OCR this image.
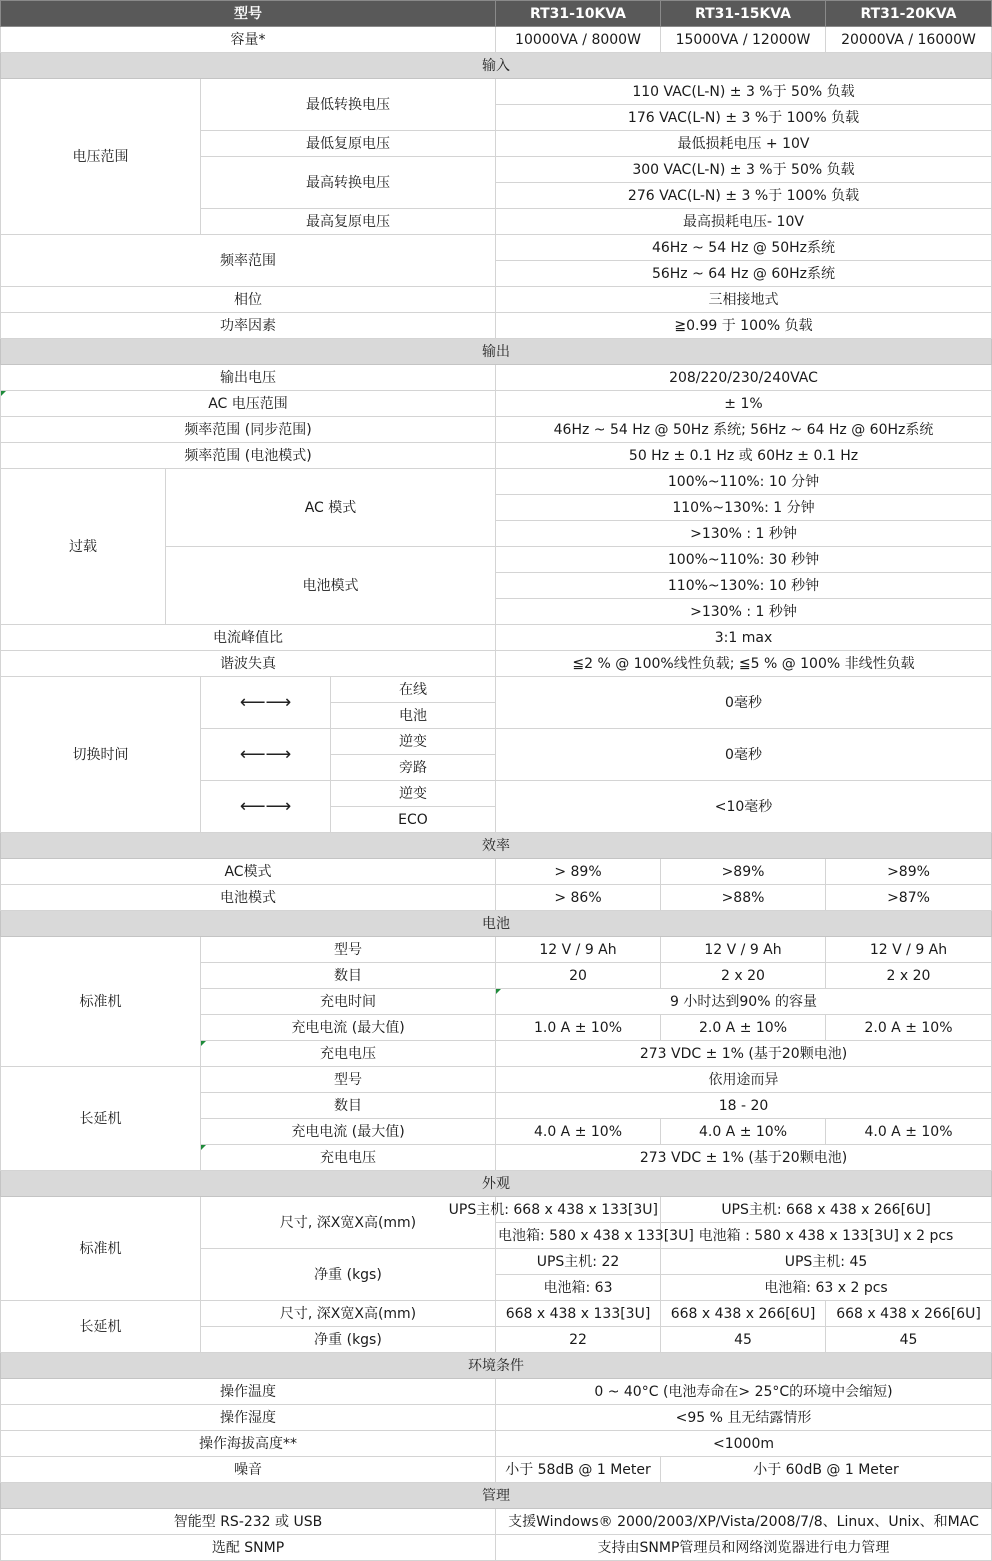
型号				RT31-10KVA	RT31-15KVA	RT31-20KVA
容量*				10000VA / 8000W	15000VA / 12000W	20000VA / 16000W
输入						
电压范围		最低转换电压		110 VAC(L-N) ± 3 %于 50% 负载		
				176 VAC(L-N) ± 3 %于 100% 负载		
		最低复原电压		最低损耗电压 + 10V		
		最高转换电压		300 VAC(L-N) ± 3 %于 50% 负载		
				276 VAC(L-N) ± 3 %于 100% 负载		
		最高复原电压		最高损耗电压- 10V		
频率范围				46Hz ~ 54 Hz @ 50Hz系统		
				56Hz ~ 64 Hz @ 60Hz系统		
相位				三相接地式		
功率因素				≧0.99 于 100% 负载		
输出						
输出电压				208/220/230/240VAC		
AC 电压范围				± 1%		
频率范围 (同步范围)				46Hz ~ 54 Hz @ 50Hz 系统; 56Hz ~ 64 Hz @ 60Hz系统		
频率范围 (电池模式)				50 Hz ± 0.1 Hz 或 60Hz ± 0.1 Hz		
过载	AC 模式			100%~110%: 10 分钟		
				110%~130%: 1 分钟		
				>130% : 1 秒钟		
	电池模式			100%~110%: 30 秒钟		
				110%~130%: 10 秒钟		
				>130% : 1 秒钟		
电流峰值比				3:1 max		
谐波失真				≦2 % @ 100%线性负载; ≦5 % @ 100% 非线性负载		
切换时间		⟵⟶	在线	0毫秒		
			电池			
		⟵⟶	逆变	0毫秒		
			旁路			
		⟵⟶	逆变	<10毫秒		
			ECO			
效率						
AC模式				> 89%	>89%	>89%
电池模式				> 86%	>88%	>87%
电池						
标准机		型号		12 V / 9 Ah	12 V / 9 Ah	12 V / 9 Ah
		数目		20	2 x 20	2 x 20
		充电时间		9 小时达到90% 的容量		
		充电电流 (最大值)		1.0 A ± 10%	2.0 A ± 10%	2.0 A ± 10%
		充电电压		273 VDC ± 1% (基于20颗电池)		
长延机		型号		依用途而异		
		数目		18 - 20		
		充电电流 (最大值)		4.0 A ± 10%	4.0 A ± 10%	4.0 A ± 10%
		充电电压		273 VDC ± 1% (基于20颗电池)		
外观						
标准机		尺寸, 深X宽X高(mm)		UPS主机: 668 x 438 x 133[3U]	UPS主机: 668 x 438 x 266[6U]	
				电池箱: 580 x 438 x 133[3U]	电池箱 : 580 x 438 x 133[3U] x 2 pcs	
		净重 (kgs)		UPS主机: 22	UPS主机: 45	
				电池箱: 63	电池箱: 63 x 2 pcs	
长延机		尺寸, 深X宽X高(mm)		668 x 438 x 133[3U]	668 x 438 x 266[6U]	668 x 438 x 266[6U]
		净重 (kgs)		22	45	45
环境条件						
操作温度				0 ~ 40°C (电池寿命在> 25°C的环境中会缩短)		
操作湿度				<95 % 且无结露情形		
操作海拔高度**				<1000m		
噪音				小于 58dB @ 1 Meter	小于 60dB @ 1 Meter	
管理						
智能型 RS-232 或 USB				支援Windows® 2000/2003/XP/Vista/2008/7/8、Linux、Unix、和MAC		
选配 SNMP				支持由SNMP管理员和网络浏览器进行电力管理		
